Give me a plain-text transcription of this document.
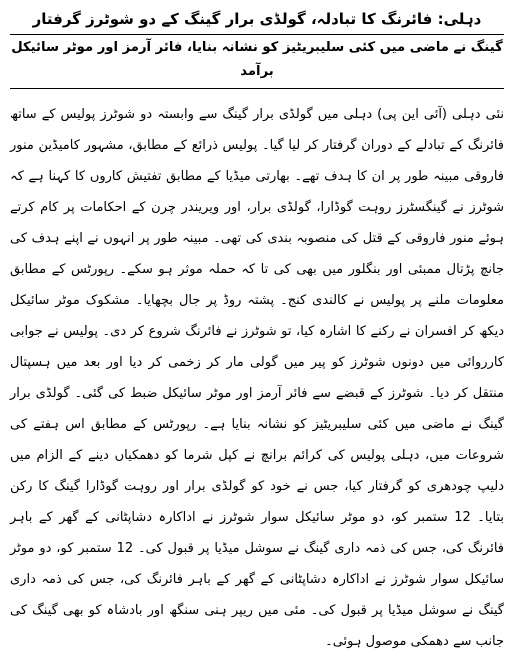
دہلی: فائرنگ کا تبادلہ، گولڈی برار گینگ کے دو شوٹرز گرفتار
گینگ نے ماضی میں کئی سلیبریٹیز کو نشانہ بنایا، فائر آرمز اور موٹر سائیکل برآمد

نئی دہلی (آئی این پی) دہلی میں گولڈی برار گینگ سے وابستہ دو شوٹرز پولیس کے ساتھ فائرنگ کے تبادلے کے دوران گرفتار کر لیا گیا۔ پولیس ذرائع کے مطابق، مشہور کامیڈین منور فاروقی مبینہ طور پر ان کا ہدف تھے۔ بھارتی میڈیا کے مطابق تفتیش کاروں کا کہنا ہے کہ شوٹرز نے گینگسٹرز روہت گوڈارا، گولڈی برار، اور ویریندر چرن کے احکامات پر کام کرتے ہوئے منور فاروقی کے قتل کی منصوبہ بندی کی تھی۔ مبینہ طور پر انہوں نے اپنے ہدف کی جانچ پڑتال ممبئی اور بنگلور میں بھی کی تا کہ حملہ موثر ہو سکے۔ رپورٹس کے مطابق معلومات ملنے پر پولیس نے کالندی کنج۔ پشتہ روڈ پر جال بچھایا۔ مشکوک موٹر سائیکل دیکھ کر افسران نے رکنے کا اشارہ کیا، تو شوٹرز نے فائرنگ شروع کر دی۔ پولیس نے جوابی کارروائی میں دونوں شوٹرز کو پیر میں گولی مار کر زخمی کر دیا اور بعد میں ہسپتال منتقل کر دیا۔ شوٹرز کے قبضے سے فائر آرمز اور موٹر سائیکل ضبط کی گئی۔ گولڈی برار گینگ نے ماضی میں کئی سلیبریٹیز کو نشانہ بنایا ہے۔ رپورٹس کے مطابق اس ہفتے کی شروعات میں، دہلی پولیس کی کرائم برانچ نے کپل شرما کو دھمکیاں دینے کے الزام میں دلیپ چودھری کو گرفتار کیا، جس نے خود کو گولڈی برار اور روہت گوڈارا گینگ کا رکن بتایا۔ 12 ستمبر کو، دو موٹر سائیکل سوار شوٹرز نے اداکارہ دشاپٹانی کے گھر کے باہر فائرنگ کی، جس کی ذمہ داری گینگ نے سوشل میڈیا پر قبول کی۔ 12 ستمبر کو، دو موٹر سائیکل سوار شوٹرز نے اداکارہ دشاپٹانی کے گھر کے باہر فائرنگ کی، جس کی ذمہ داری گینگ نے سوشل میڈیا پر قبول کی۔ مئی میں ریپر ہنی سنگھ اور بادشاہ کو بھی گینگ کی جانب سے دھمکی موصول ہوئی۔
